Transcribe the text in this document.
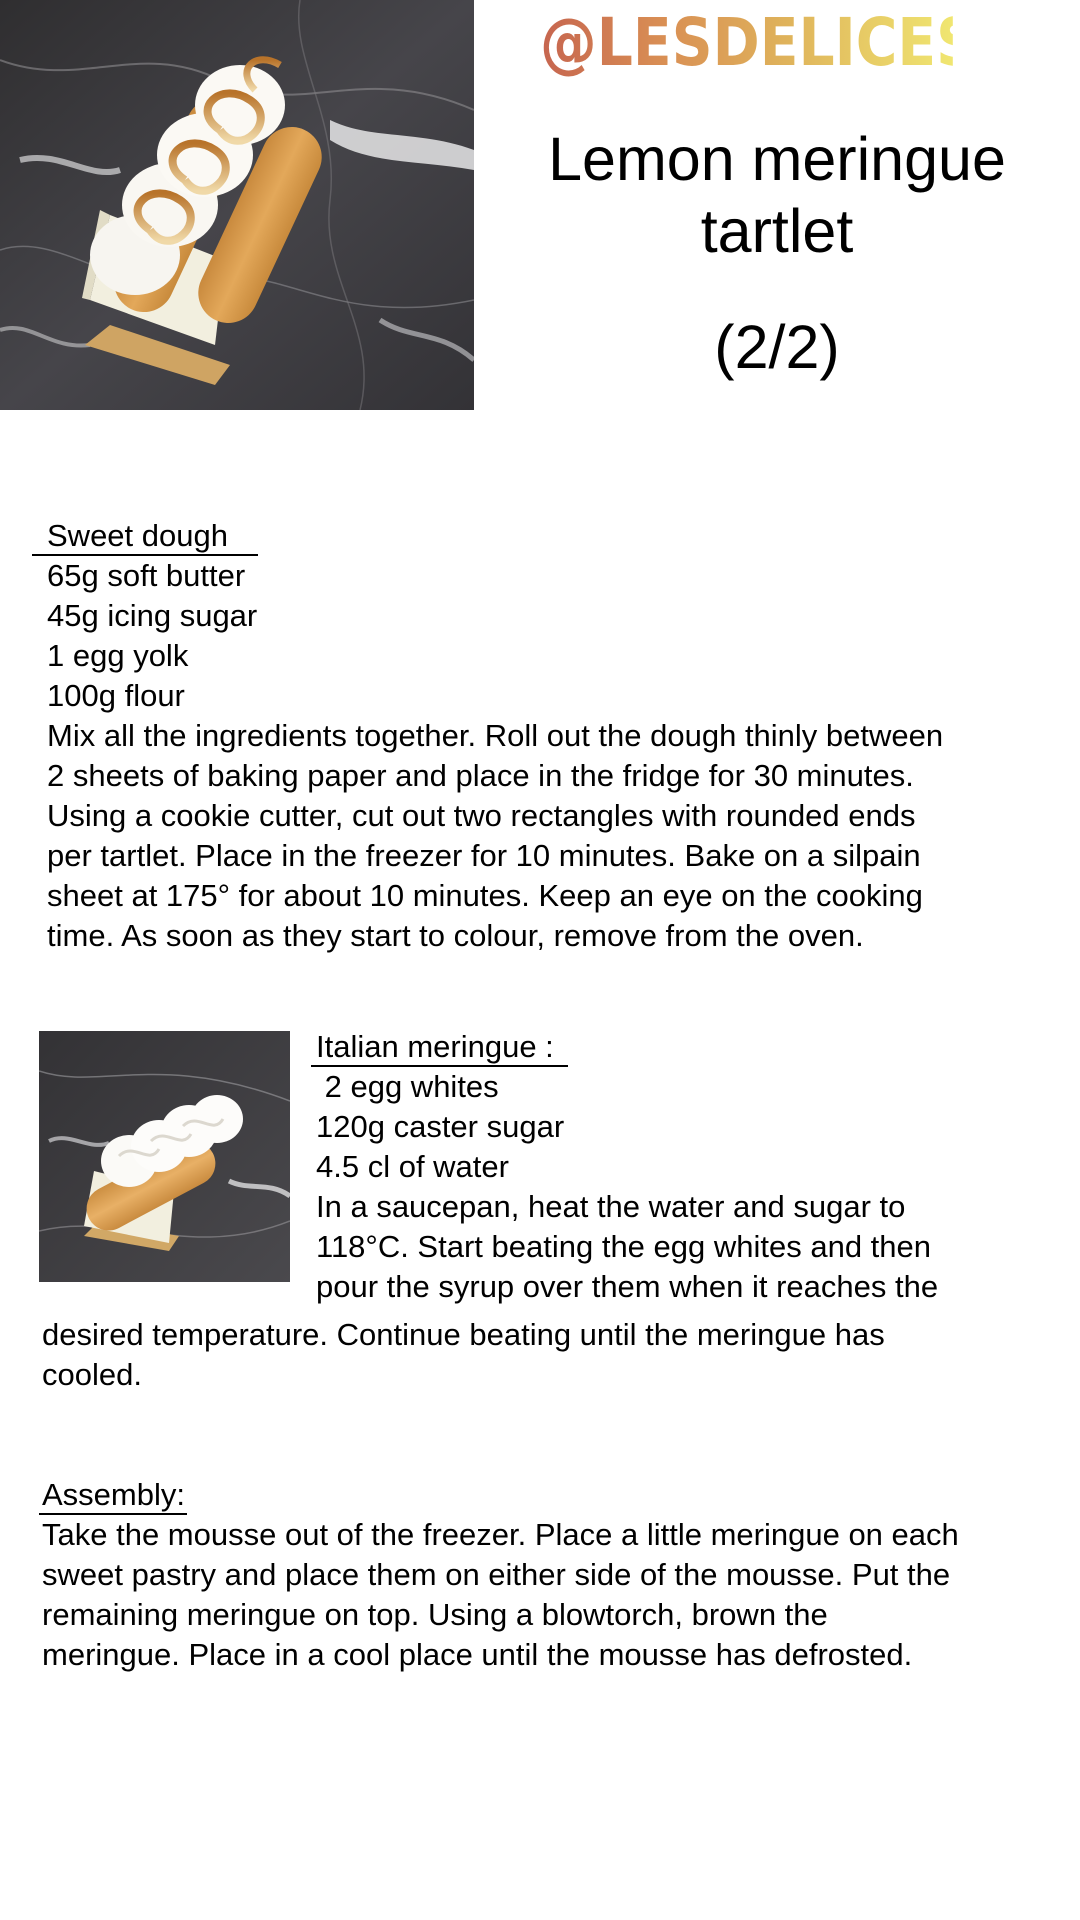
@LESDELICES31
Lemon meringue
tartlet
(2/2)
Sweet dough
65g soft butter
45g icing sugar
1 egg yolk
100g flour
Mix all the ingredients together. Roll out the dough thinly between
2 sheets of baking paper and place in the fridge for 30 minutes.
Using a cookie cutter, cut out two rectangles with rounded ends
per tartlet. Place in the freezer for 10 minutes. Bake on a silpain
sheet at 175° for about 10 minutes. Keep an eye on the cooking
time. As soon as they start to colour, remove from the oven.
Italian meringue :
2 egg whites
120g caster sugar
4.5 cl of water
In a saucepan, heat the water and sugar to
118°C. Start beating the egg whites and then
pour the syrup over them when it reaches the
desired temperature. Continue beating until the meringue has
cooled.
Assembly:
Take the mousse out of the freezer. Place a little meringue on each
sweet pastry and place them on either side of the mousse. Put the
remaining meringue on top. Using a blowtorch, brown the
meringue. Place in a cool place until the mousse has defrosted.
